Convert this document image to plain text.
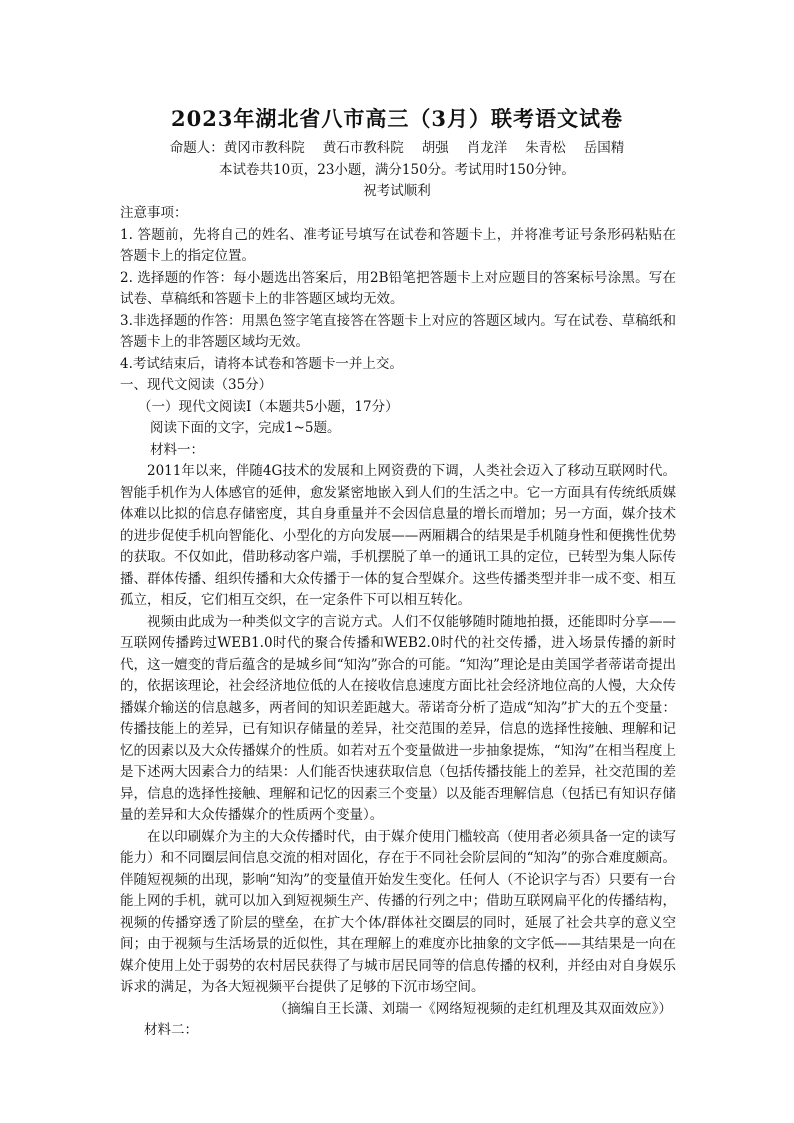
2023年湖北省八市高三（3月）联考语文试卷
命题人：黄冈市教科院 黄石市教科院 胡强 肖龙洋 朱青松 岳国精
本试卷共10页，23小题，满分150分。考试用时150分钟。
祝考试顺利

注意事项：

1. 答题前，先将自己的姓名、准考证号填写在试卷和答题卡上，并将准考证号条形码粘贴在答题卡上的指定位置。

2. 选择题的作答：每小题选出答案后，用2B铅笔把答题卡上对应题目的答案标号涂黑。写在试卷、草稿纸和答题卡上的非答题区域均无效。

3.非选择题的作答：用黑色签字笔直接答在答题卡上对应的答题区域内。写在试卷、草稿纸和答题卡上的非答题区域均无效。

4.考试结束后，请将本试卷和答题卡一并上交。

一、现代文阅读（35分）

（一）现代文阅读Ⅰ（本题共5小题，17分）

阅读下面的文字，完成1~5题。

材料一：

2011年以来，伴随4G技术的发展和上网资费的下调，人类社会迈入了移动互联网时代。智能手机作为人体感官的延伸，愈发紧密地嵌入到人们的生活之中。它一方面具有传统纸质媒体难以比拟的信息存储密度，其自身重量并不会因信息量的增长而增加；另一方面，媒介技术的进步促使手机向智能化、小型化的方向发展——两厢耦合的结果是手机随身性和便携性优势的获取。不仅如此，借助移动客户端，手机摆脱了单一的通讯工具的定位，已转型为集人际传播、群体传播、组织传播和大众传播于一体的复合型媒介。这些传播类型并非一成不变、相互孤立，相反，它们相互交织，在一定条件下可以相互转化。

视频由此成为一种类似文字的言说方式。人们不仅能够随时随地拍摄，还能即时分享——互联网传播跨过WEB1.0时代的聚合传播和WEB2.0时代的社交传播，进入场景传播的新时代，这一嬗变的背后蕴含的是城乡间“知沟”弥合的可能。“知沟”理论是由美国学者蒂诺奇提出的，依据该理论，社会经济地位低的人在接收信息速度方面比社会经济地位高的人慢，大众传播媒介输送的信息越多，两者间的知识差距越大。蒂诺奇分析了造成“知沟”扩大的五个变量：传播技能上的差异，已有知识存储量的差异，社交范围的差异，信息的选择性接触、理解和记忆的因素以及大众传播媒介的性质。如若对五个变量做进一步抽象提炼，“知沟”在相当程度上是下述两大因素合力的结果：人们能否快速获取信息（包括传播技能上的差异，社交范围的差异，信息的选择性接触、理解和记忆的因素三个变量）以及能否理解信息（包括已有知识存储量的差异和大众传播媒介的性质两个变量）。

在以印刷媒介为主的大众传播时代，由于媒介使用门槛较高（使用者必须具备一定的读写能力）和不同圈层间信息交流的相对固化，存在于不同社会阶层间的“知沟”的弥合难度颇高。伴随短视频的出现，影响“知沟”的变量值开始发生变化。任何人（不论识字与否）只要有一台能上网的手机，就可以加入到短视频生产、传播的行列之中；借助互联网扁平化的传播结构，视频的传播穿透了阶层的壁垒，在扩大个体/群体社交圈层的同时，延展了社会共享的意义空间；由于视频与生活场景的近似性，其在理解上的难度亦比抽象的文字低——其结果是一向在媒介使用上处于弱势的农村居民获得了与城市居民同等的信息传播的权利，并经由对自身娱乐诉求的满足，为各大短视频平台提供了足够的下沉市场空间。

（摘编自王长潇、刘瑞一《网络短视频的走红机理及其双面效应》）

材料二：
